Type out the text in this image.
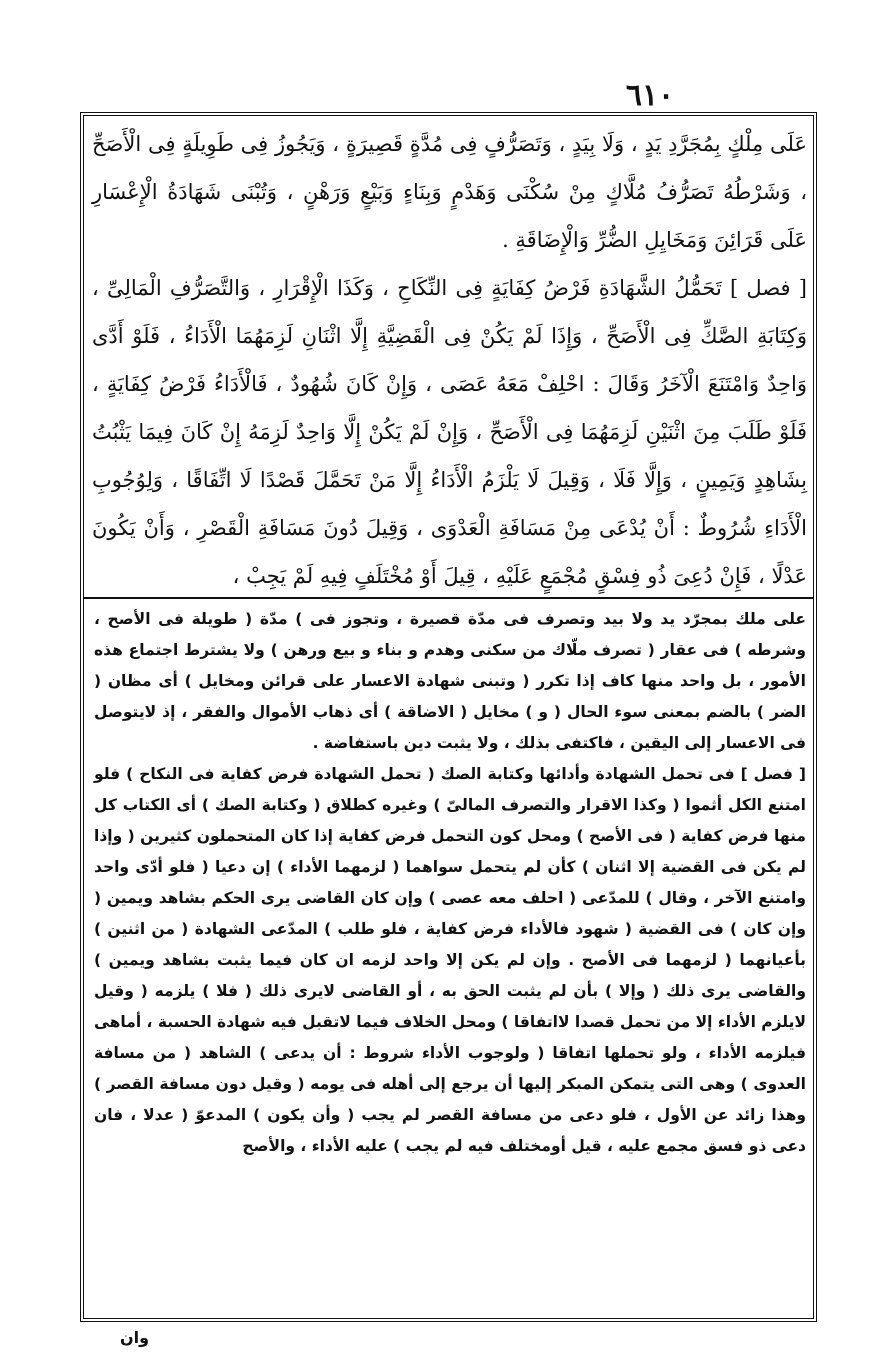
٦١٠

عَلَى مِلْكٍ بِمُجَرَّدِ يَدٍ ، وَلَا بِيَدٍ ، وَتَصَرُّفٍ فِى مُدَّةٍ قَصِيرَةٍ ، وَيَجُوزُ فِى طَوِيلَةٍ فِى الْأَصَحِّ ، وَشَرْطُهُ تَصَرُّفُ مُلَّاكٍ مِنْ سُكْنَى وَهَدْمٍ وَبِنَاءٍ وَبَيْعٍ وَرَهْنٍ ، وَتُبْنَى شَهَادَةُ الْإِعْسَارِ عَلَى قَرَائِنَ وَمَخَايِلِ الضُّرِّ وَالْإِضَاقَةِ .

[ فصل ] تَحَمُّلُ الشَّهَادَةِ فَرْضُ كِفَايَةٍ فِى النِّكَاحِ ، وَكَذَا الْإِقْرَارِ ، وَالتَّصَرُّفِ الْمَالِىِّ ، وَكِتَابَةِ الصَّكِّ فِى الْأَصَحِّ ، وَإِذَا لَمْ يَكُنْ فِى الْقَضِيَّةِ إِلَّا اثْنَانِ لَزِمَهُمَا الْأَدَاءُ ، فَلَوْ أَدَّى وَاحِدٌ وَامْتَنَعَ الْآخَرُ وَقَالَ : احْلِفْ مَعَهُ عَصَى ، وَإِنْ كَانَ شُهُودٌ ، فَالْأَدَاءُ فَرْضُ كِفَايَةٍ ، فَلَوْ طَلَبَ مِنَ اثْنَيْنِ لَزِمَهُمَا فِى الْأَصَحِّ ، وَإِنْ لَمْ يَكُنْ إِلَّا وَاحِدٌ لَزِمَهُ إِنْ كَانَ فِيمَا يَثْبُتُ بِشَاهِدٍ وَيَمِينٍ ، وَإِلَّا فَلَا ، وَقِيلَ لَا يَلْزَمُ الْأَدَاءُ إِلَّا مَنْ تَحَمَّلَ قَصْدًا لَا اتِّفَاقًا ، وَلِوُجُوبِ الْأَدَاءِ شُرُوطٌ : أَنْ يُدْعَى مِنْ مَسَافَةِ الْعَدْوَى ، وَقِيلَ دُونَ مَسَافَةِ الْقَصْرِ ، وَأَنْ يَكُونَ عَدْلًا ، فَإِنْ دُعِىَ ذُو فِسْقٍ مُجْمَعٍ عَلَيْهِ ، قِيلَ أَوْ مُخْتَلَفٍ فِيهِ لَمْ يَجِبْ ،

على ملك بمجرّد يد ولا بيد وتصرف فى مدّة قصيرة ، وتجوز فى ) مدّة ( طويلة فى الأصح ، وشرطه ) فى عقار ( تصرف ملّاك من سكنى وهدم و بناء و بيع ورهن ) ولا يشترط اجتماع هذه الأمور ، بل واحد منها كاف إذا تكرر ( وتبنى شهادة الاعسار على قرائن ومخايل ) أى مظان ( الضر ) بالضم بمعنى سوء الحال ( و ) مخايل ( الاضاقة ) أى ذهاب الأموال والفقر ، إذ لايتوصل فى الاعسار إلى اليقين ، فاكتفى بذلك ، ولا يثبت دين باستفاضة .

[ فصل ] فى تحمل الشهادة وأدائها وكتابة الصك ( تحمل الشهادة فرض كفاية فى النكاح ) فلو امتنع الكل أثموا ( وكذا الاقرار والتصرف المالىّ ) وغيره كطلاق ( وكتابة الصك ) أى الكتاب كل منها فرض كفاية ( فى الأصح ) ومحل كون التحمل فرض كفاية إذا كان المتحملون كثيرين ( وإذا لم يكن فى القضية إلا اثنان ) كأن لم يتحمل سواهما ( لزمهما الأداء ) إن دعيا ( فلو أدّى واحد وامتنع الآخر ، وقال ) للمدّعى ( احلف معه عصى ) وإن كان القاضى يرى الحكم بشاهد ويمين ( وإن كان ) فى القضية ( شهود فالأداء فرض كفاية ، فلو طلب ) المدّعى الشهادة ( من اثنين ) بأعيانهما ( لزمهما فى الأصح . وإن لم يكن إلا واحد لزمه ان كان فيما يثبت بشاهد ويمين ) والقاضى يرى ذلك ( وإلا ) بأن لم يثبت الحق به ، أو القاضى لايرى ذلك ( فلا ) يلزمه ( وقيل لايلزم الأداء إلا من تحمل قصدا لااتفاقا ) ومحل الخلاف فيما لاتقبل فيه شهادة الحسبة ، أماهى فيلزمه الأداء ، ولو تحملها اتفاقا ( ولوجوب الأداء شروط : أن يدعى ) الشاهد ( من مسافة العدوى ) وهى التى يتمكن المبكر إليها أن يرجع إلى أهله فى يومه ( وقيل دون مسافة القصر ) وهذا زائد عن الأول ، فلو دعى من مسافة القصر لم يجب ( وأن يكون ) المدعوّ ( عدلا ، فان دعى ذو فسق مجمع عليه ، قيل أومختلف فيه لم يجب ) عليه الأداء ، والأصح

وان
